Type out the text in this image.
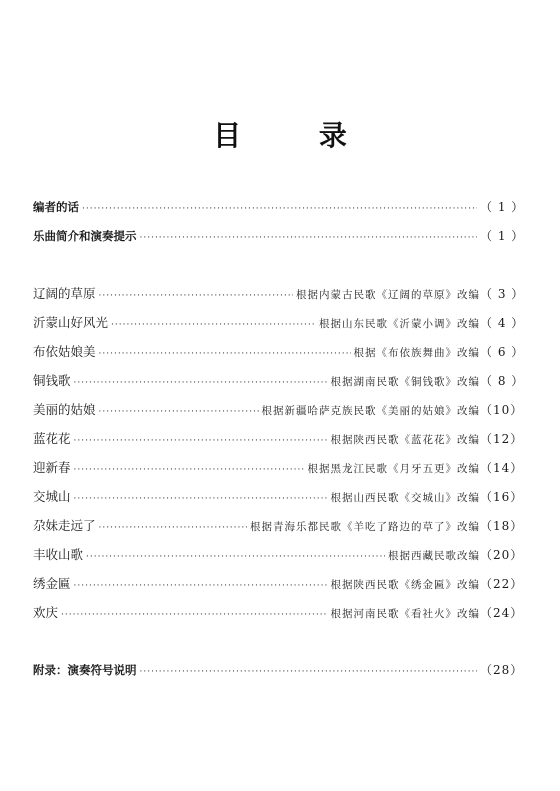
目 录
编者的话 ·····	（ 1 ）
乐曲简介和演奏提示 ·····	（ 1 ）
辽阔的草原 ·····	根据内蒙古民歌《辽阔的草原》改编 （ 3 ）
沂蒙山好风光 ·····	根据山东民歌《沂蒙小调》改编 （ 4 ）
布依姑娘美 ·····	根据《布依族舞曲》改编 （ 6 ）
铜钱歌 ·····	根据湖南民歌《铜钱歌》改编 （ 8 ）
美丽的姑娘 ·····	根据新疆哈萨克族民歌《美丽的姑娘》改编 （10）
蓝花花 ·····	根据陕西民歌《蓝花花》改编 （12）
迎新春 ·····	根据黑龙江民歌《月牙五更》改编 （14）
交城山 ·····	根据山西民歌《交城山》改编 （16）
尕妹走远了 ·····	根据青海乐都民歌《羊吃了路边的草了》改编 （18）
丰收山歌 ·····	根据西藏民歌改编 （20）
绣金匾 ·····	根据陕西民歌《绣金匾》改编 （22）
欢庆 ·····	根据河南民歌《看社火》改编 （24）
附录：演奏符号说明 ·····	（28）
